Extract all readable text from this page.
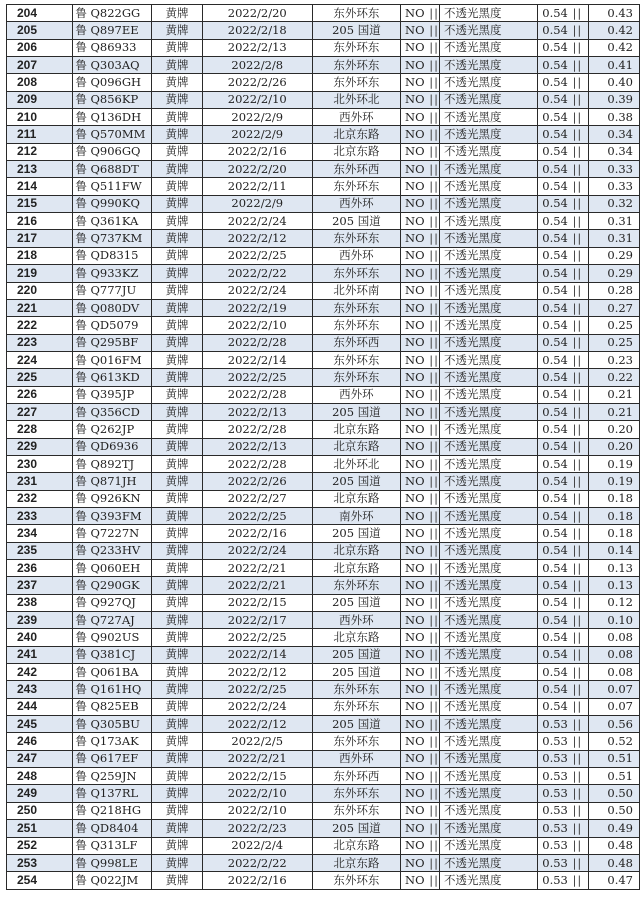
204	鲁 Q822GG	黄牌	2022/2/20	东外环东	NO ||	不透光黑度	0.54 ||	0.43
205	鲁 Q897EE	黄牌	2022/2/18	205 国道	NO ||	不透光黑度	0.54 ||	0.42
206	鲁 Q86933	黄牌	2022/2/13	东外环东	NO ||	不透光黑度	0.54 ||	0.42
207	鲁 Q303AQ	黄牌	2022/2/8	东外环东	NO ||	不透光黑度	0.54 ||	0.41
208	鲁 Q096GH	黄牌	2022/2/26	东外环东	NO ||	不透光黑度	0.54 ||	0.40
209	鲁 Q856KP	黄牌	2022/2/10	北外环北	NO ||	不透光黑度	0.54 ||	0.39
210	鲁 Q136DH	黄牌	2022/2/9	西外环	NO ||	不透光黑度	0.54 ||	0.38
211	鲁 Q570MM	黄牌	2022/2/9	北京东路	NO ||	不透光黑度	0.54 ||	0.34
212	鲁 Q906GQ	黄牌	2022/2/16	北京东路	NO ||	不透光黑度	0.54 ||	0.34
213	鲁 Q688DT	黄牌	2022/2/20	东外环西	NO ||	不透光黑度	0.54 ||	0.33
214	鲁 Q511FW	黄牌	2022/2/11	东外环东	NO ||	不透光黑度	0.54 ||	0.33
215	鲁 Q990KQ	黄牌	2022/2/9	西外环	NO ||	不透光黑度	0.54 ||	0.32
216	鲁 Q361KA	黄牌	2022/2/24	205 国道	NO ||	不透光黑度	0.54 ||	0.31
217	鲁 Q737KM	黄牌	2022/2/12	东外环东	NO ||	不透光黑度	0.54 ||	0.31
218	鲁 QD8315	黄牌	2022/2/25	西外环	NO ||	不透光黑度	0.54 ||	0.29
219	鲁 Q933KZ	黄牌	2022/2/22	东外环东	NO ||	不透光黑度	0.54 ||	0.29
220	鲁 Q777JU	黄牌	2022/2/24	北外环南	NO ||	不透光黑度	0.54 ||	0.28
221	鲁 Q080DV	黄牌	2022/2/19	东外环东	NO ||	不透光黑度	0.54 ||	0.27
222	鲁 QD5079	黄牌	2022/2/10	东外环东	NO ||	不透光黑度	0.54 ||	0.25
223	鲁 Q295BF	黄牌	2022/2/28	东外环西	NO ||	不透光黑度	0.54 ||	0.25
224	鲁 Q016FM	黄牌	2022/2/14	东外环东	NO ||	不透光黑度	0.54 ||	0.23
225	鲁 Q613KD	黄牌	2022/2/25	东外环东	NO ||	不透光黑度	0.54 ||	0.22
226	鲁 Q395JP	黄牌	2022/2/28	西外环	NO ||	不透光黑度	0.54 ||	0.21
227	鲁 Q356CD	黄牌	2022/2/13	205 国道	NO ||	不透光黑度	0.54 ||	0.21
228	鲁 Q262JP	黄牌	2022/2/28	北京东路	NO ||	不透光黑度	0.54 ||	0.20
229	鲁 QD6936	黄牌	2022/2/13	北京东路	NO ||	不透光黑度	0.54 ||	0.20
230	鲁 Q892TJ	黄牌	2022/2/28	北外环北	NO ||	不透光黑度	0.54 ||	0.19
231	鲁 Q871JH	黄牌	2022/2/26	205 国道	NO ||	不透光黑度	0.54 ||	0.19
232	鲁 Q926KN	黄牌	2022/2/27	北京东路	NO ||	不透光黑度	0.54 ||	0.18
233	鲁 Q393FM	黄牌	2022/2/25	南外环	NO ||	不透光黑度	0.54 ||	0.18
234	鲁 Q7227N	黄牌	2022/2/16	205 国道	NO ||	不透光黑度	0.54 ||	0.18
235	鲁 Q233HV	黄牌	2022/2/24	北京东路	NO ||	不透光黑度	0.54 ||	0.14
236	鲁 Q060EH	黄牌	2022/2/21	北京东路	NO ||	不透光黑度	0.54 ||	0.13
237	鲁 Q290GK	黄牌	2022/2/21	东外环东	NO ||	不透光黑度	0.54 ||	0.13
238	鲁 Q927QJ	黄牌	2022/2/15	205 国道	NO ||	不透光黑度	0.54 ||	0.12
239	鲁 Q727AJ	黄牌	2022/2/17	西外环	NO ||	不透光黑度	0.54 ||	0.10
240	鲁 Q902US	黄牌	2022/2/25	北京东路	NO ||	不透光黑度	0.54 ||	0.08
241	鲁 Q381CJ	黄牌	2022/2/14	205 国道	NO ||	不透光黑度	0.54 ||	0.08
242	鲁 Q061BA	黄牌	2022/2/12	205 国道	NO ||	不透光黑度	0.54 ||	0.08
243	鲁 Q161HQ	黄牌	2022/2/25	东外环东	NO ||	不透光黑度	0.54 ||	0.07
244	鲁 Q825EB	黄牌	2022/2/24	东外环东	NO ||	不透光黑度	0.54 ||	0.07
245	鲁 Q305BU	黄牌	2022/2/12	205 国道	NO ||	不透光黑度	0.53 ||	0.56
246	鲁 Q173AK	黄牌	2022/2/5	东外环东	NO ||	不透光黑度	0.53 ||	0.52
247	鲁 Q617EF	黄牌	2022/2/21	西外环	NO ||	不透光黑度	0.53 ||	0.51
248	鲁 Q259JN	黄牌	2022/2/15	东外环西	NO ||	不透光黑度	0.53 ||	0.51
249	鲁 Q137RL	黄牌	2022/2/10	东外环东	NO ||	不透光黑度	0.53 ||	0.50
250	鲁 Q218HG	黄牌	2022/2/10	东外环东	NO ||	不透光黑度	0.53 ||	0.50
251	鲁 QD8404	黄牌	2022/2/23	205 国道	NO ||	不透光黑度	0.53 ||	0.49
252	鲁 Q313LF	黄牌	2022/2/4	北京东路	NO ||	不透光黑度	0.53 ||	0.48
253	鲁 Q998LE	黄牌	2022/2/22	北京东路	NO ||	不透光黑度	0.53 ||	0.48
254	鲁 Q022JM	黄牌	2022/2/16	东外环东	NO ||	不透光黑度	0.53 ||	0.47
